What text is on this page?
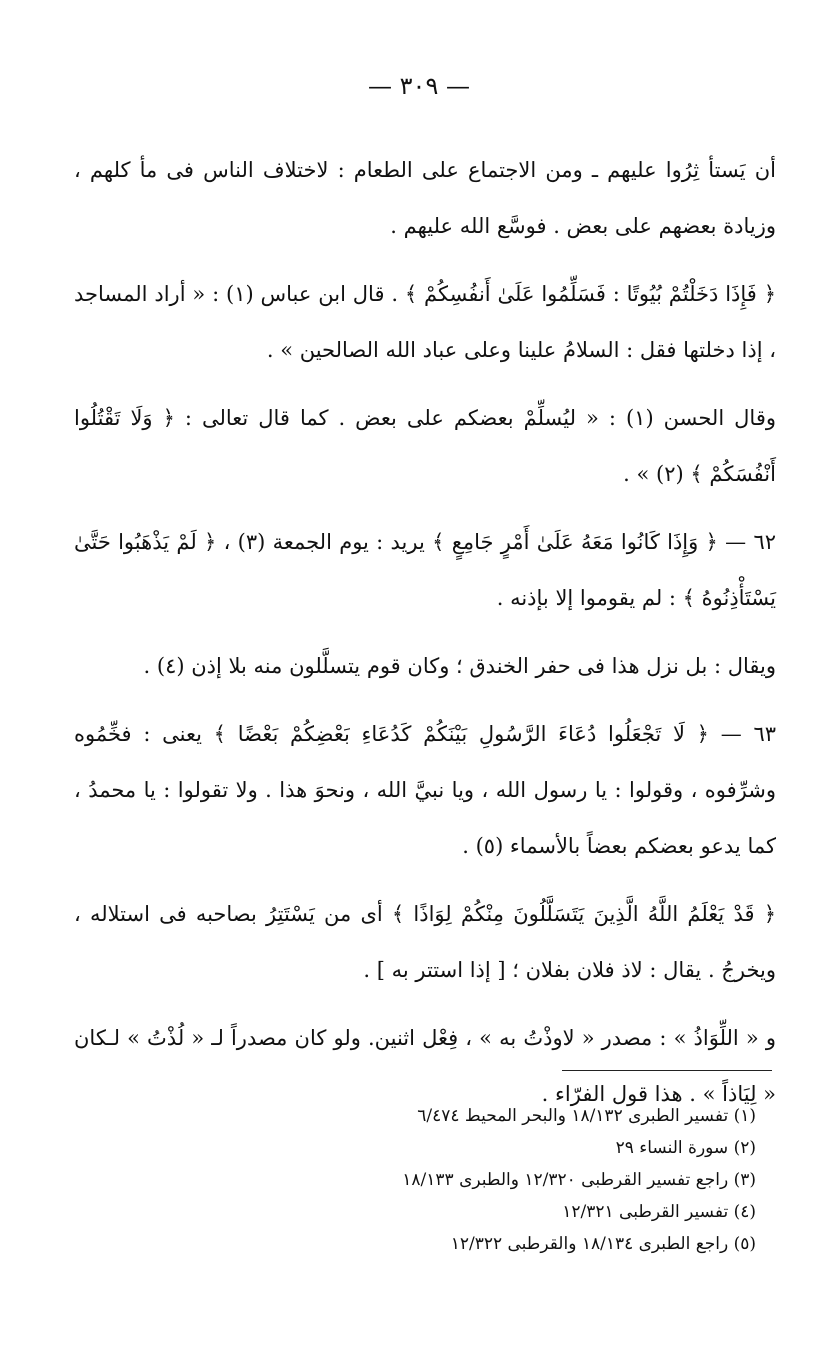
— ٣٠٩ —

أن يَستأ ثِرُوا عليهم ـ ومن الاجتماع على الطعام : لاختلاف الناس فى مأ كلهم ، وزيادة بعضهم على بعض . فوسَّع الله عليهم .

﴿ فَإِذَا دَخَلْتُمْ بُيُوتًا : فَسَلِّمُوا عَلَىٰ أَنفُسِكُمْ ﴾ . قال ابن عباس (١) : « أراد المساجد ، إذا دخلتها فقل : السلامُ علينا وعلى عباد الله الصالحين » .

وقال الحسن (١) : « ليُسلِّمْ بعضكم على بعض . كما قال تعالى : ﴿ وَلَا تَقْتُلُوا أَنْفُسَكُمْ ﴾ (٢) » .

٦٢ — ﴿ وَإِذَا كَانُوا مَعَهُ عَلَىٰ أَمْرٍ جَامِعٍ ﴾ يريد : يوم الجمعة (٣) ، ﴿ لَمْ يَذْهَبُوا حَتَّىٰ يَسْتَأْذِنُوهُ ﴾ : لم يقوموا إلا بإذنه .

ويقال : بل نزل هذا فى حفر الخندق ؛ وكان قوم يتسلَّلون منه بلا إذن (٤) .

٦٣ — ﴿ لَا تَجْعَلُوا دُعَاءَ الرَّسُولِ بَيْنَكُمْ كَدُعَاءِ بَعْضِكُمْ بَعْضًا ﴾ يعنى : فخِّمُوه وشرِّفوه ، وقولوا : يا رسول الله ، ويا نبيَّ الله ، ونحوَ هذا . ولا تقولوا : يا محمدُ ، كما يدعو بعضكم بعضاً بالأسماء (٥) .

﴿ قَدْ يَعْلَمُ اللَّهُ الَّذِينَ يَتَسَلَّلُونَ مِنْكُمْ لِوَاذًا ﴾ أى من يَسْتَتِرُ بصاحبه فى استلاله ، ويخرجُ . يقال : لاذ فلان بفلان ؛ [ إذا استتر به ] .

و « اللِّوَاذُ » : مصدر « لاوذْتُ به » ، فِعْل اثنين. ولو كان مصدراً لـ « لُذْتُ » لـكان « لِيَاذاً » . هذا قول الفرّاء .

(١) تفسير الطبرى ١٨/١٣٢ والبحر المحيط ٦/٤٧٤
(٢) سورة النساء ٢٩
(٣) راجع تفسير القرطبى ١٢/٣٢٠ والطبرى ١٨/١٣٣
(٤) تفسير القرطبى ١٢/٣٢١
(٥) راجع الطبرى ١٨/١٣٤ والقرطبى ١٢/٣٢٢
